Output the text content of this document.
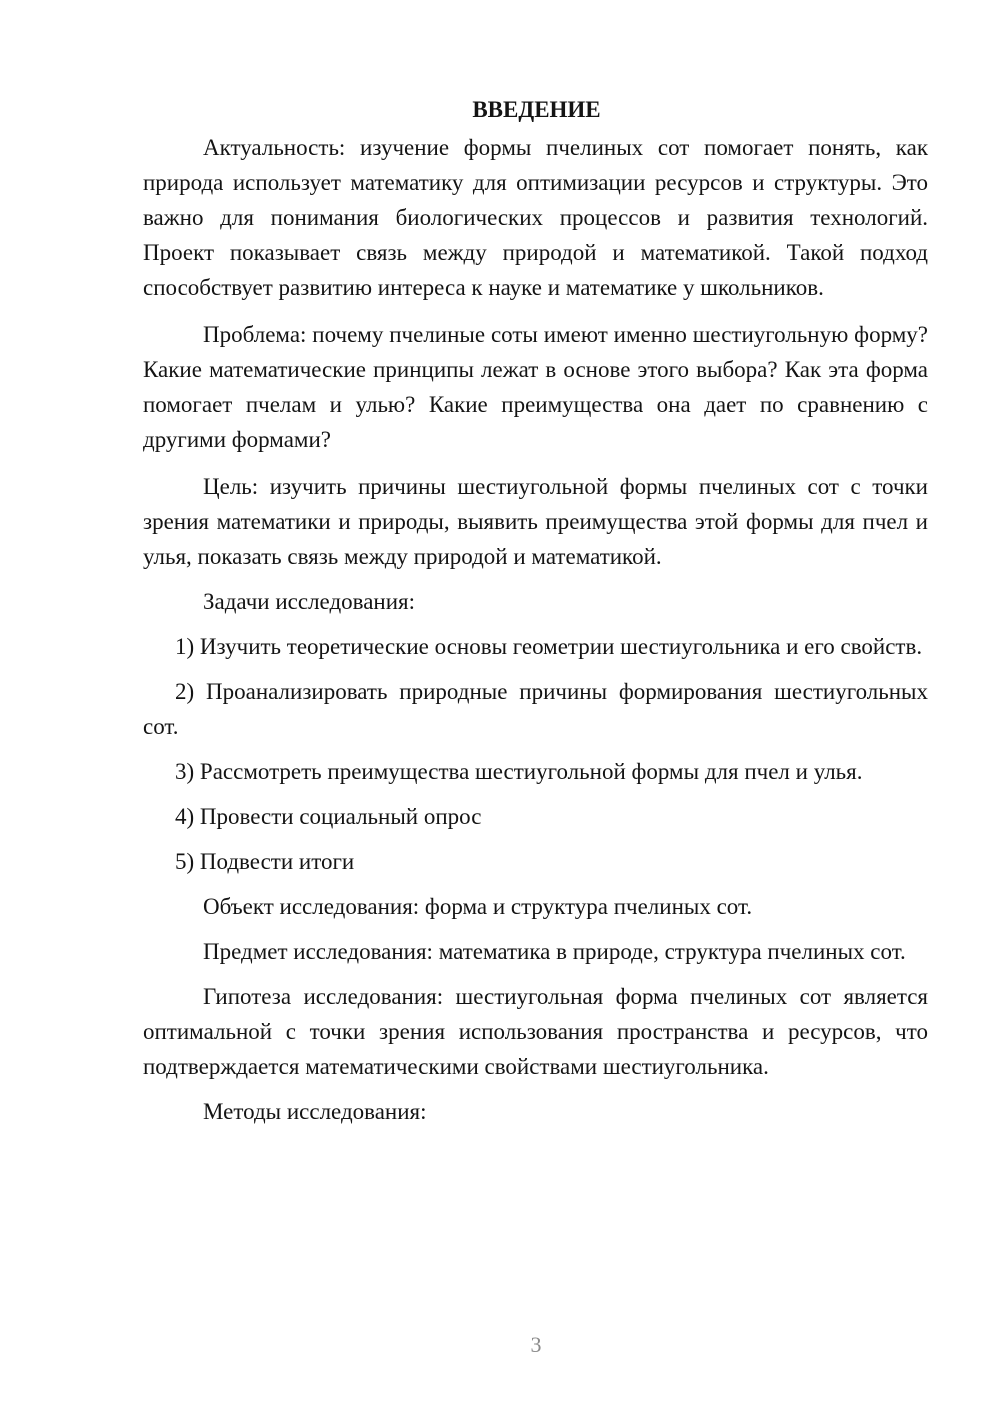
ВВЕДЕНИЕ

Актуальность: изучение формы пчелиных сот помогает понять, как природа использует математику для оптимизации ресурсов и структуры. Это важно для понимания биологических процессов и развития технологий. Проект показывает связь между природой и математикой. Такой подход способствует развитию интереса к науке и математике у школьников.

Проблема: почему пчелиные соты имеют именно шестиугольную форму? Какие математические принципы лежат в основе этого выбора? Как эта форма помогает пчелам и улью? Какие преимущества она дает по сравнению с другими формами?

Цель: изучить причины шестиугольной формы пчелиных сот с точки зрения математики и природы, выявить преимущества этой формы для пчел и улья, показать связь между природой и математикой.

Задачи исследования:

1) Изучить теоретические основы геометрии шестиугольника и его свойств.

2) Проанализировать природные причины формирования шестиугольных сот.

3) Рассмотреть преимущества шестиугольной формы для пчел и улья.

4) Провести социальный опрос

5) Подвести итоги

Объект исследования: форма и структура пчелиных сот.

Предмет исследования: математика в природе, структура пчелиных сот.

Гипотеза исследования: шестиугольная форма пчелиных сот является оптимальной с точки зрения использования пространства и ресурсов, что подтверждается математическими свойствами шестиугольника.

Методы исследования:

3
